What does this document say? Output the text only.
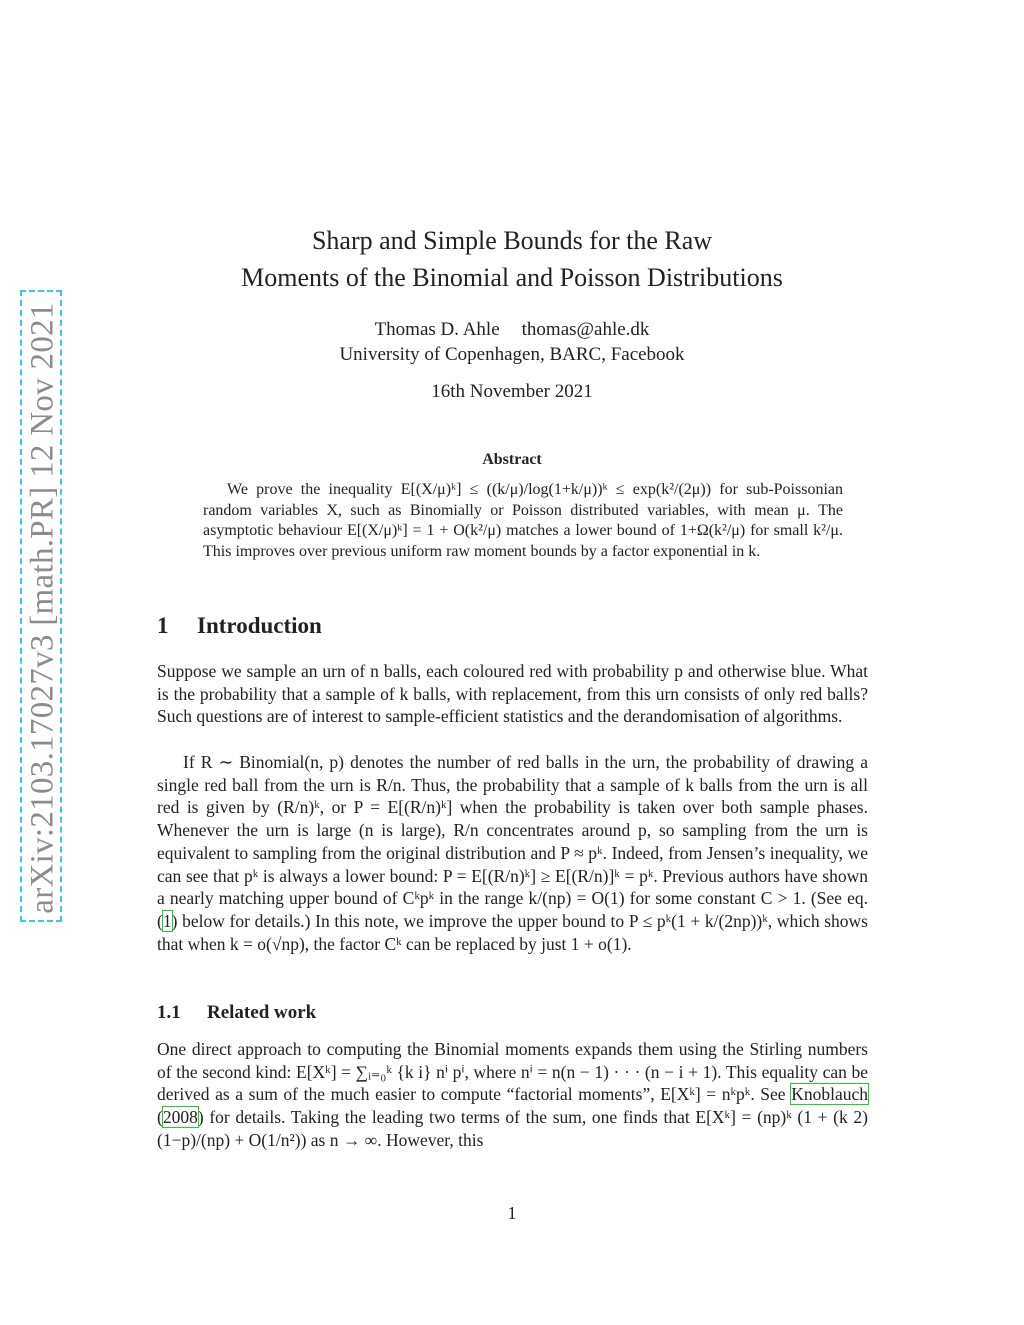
arXiv:2103.17027v3 [math.PR] 12 Nov 2021
Sharp and Simple Bounds for the Raw
Moments of the Binomial and Poisson Distributions
Thomas D. Ahle thomas@ahle.dk
University of Copenhagen, BARC, Facebook
16th November 2021
Abstract
We prove the inequality E[(X/μ)ᵏ] ≤ ((k/μ)/log(1+k/μ))ᵏ ≤ exp(k²/(2μ)) for sub-Poissonian random variables X, such as Binomially or Poisson distributed variables, with mean μ. The asymptotic behaviour E[(X/μ)ᵏ] = 1 + O(k²/μ) matches a lower bound of 1+Ω(k²/μ) for small k²/μ. This improves over previous uniform raw moment bounds by a factor exponential in k.
1 Introduction
Suppose we sample an urn of n balls, each coloured red with probability p and otherwise blue. What is the probability that a sample of k balls, with replacement, from this urn consists of only red balls? Such questions are of interest to sample-efficient statistics and the derandomisation of algorithms.
If R ∼ Binomial(n, p) denotes the number of red balls in the urn, the probability of drawing a single red ball from the urn is R/n. Thus, the probability that a sample of k balls from the urn is all red is given by (R/n)ᵏ, or P = E[(R/n)ᵏ] when the probability is taken over both sample phases. Whenever the urn is large (n is large), R/n concentrates around p, so sampling from the urn is equivalent to sampling from the original distribution and P ≈ pᵏ. Indeed, from Jensen’s inequality, we can see that pᵏ is always a lower bound: P = E[(R/n)ᵏ] ≥ E[(R/n)]ᵏ = pᵏ. Previous authors have shown a nearly matching upper bound of Cᵏpᵏ in the range k/(np) = O(1) for some constant C > 1. (See eq. (1) below for details.) In this note, we improve the upper bound to P ≤ pᵏ(1 + k/(2np))ᵏ, which shows that when k = o(√np), the factor Cᵏ can be replaced by just 1 + o(1).
1.1 Related work
One direct approach to computing the Binomial moments expands them using the Stirling numbers of the second kind: E[Xᵏ] = ∑ᵢ₌₀ᵏ {k i} nⁱ pⁱ, where nⁱ = n(n − 1) · · · (n − i + 1). This equality can be derived as a sum of the much easier to compute “factorial moments”, E[Xᵏ] = nᵏpᵏ. See Knoblauch (2008) for details. Taking the leading two terms of the sum, one finds that E[Xᵏ] = (np)ᵏ (1 + (k 2) (1−p)/(np) + O(1/n²)) as n → ∞. However, this
1
